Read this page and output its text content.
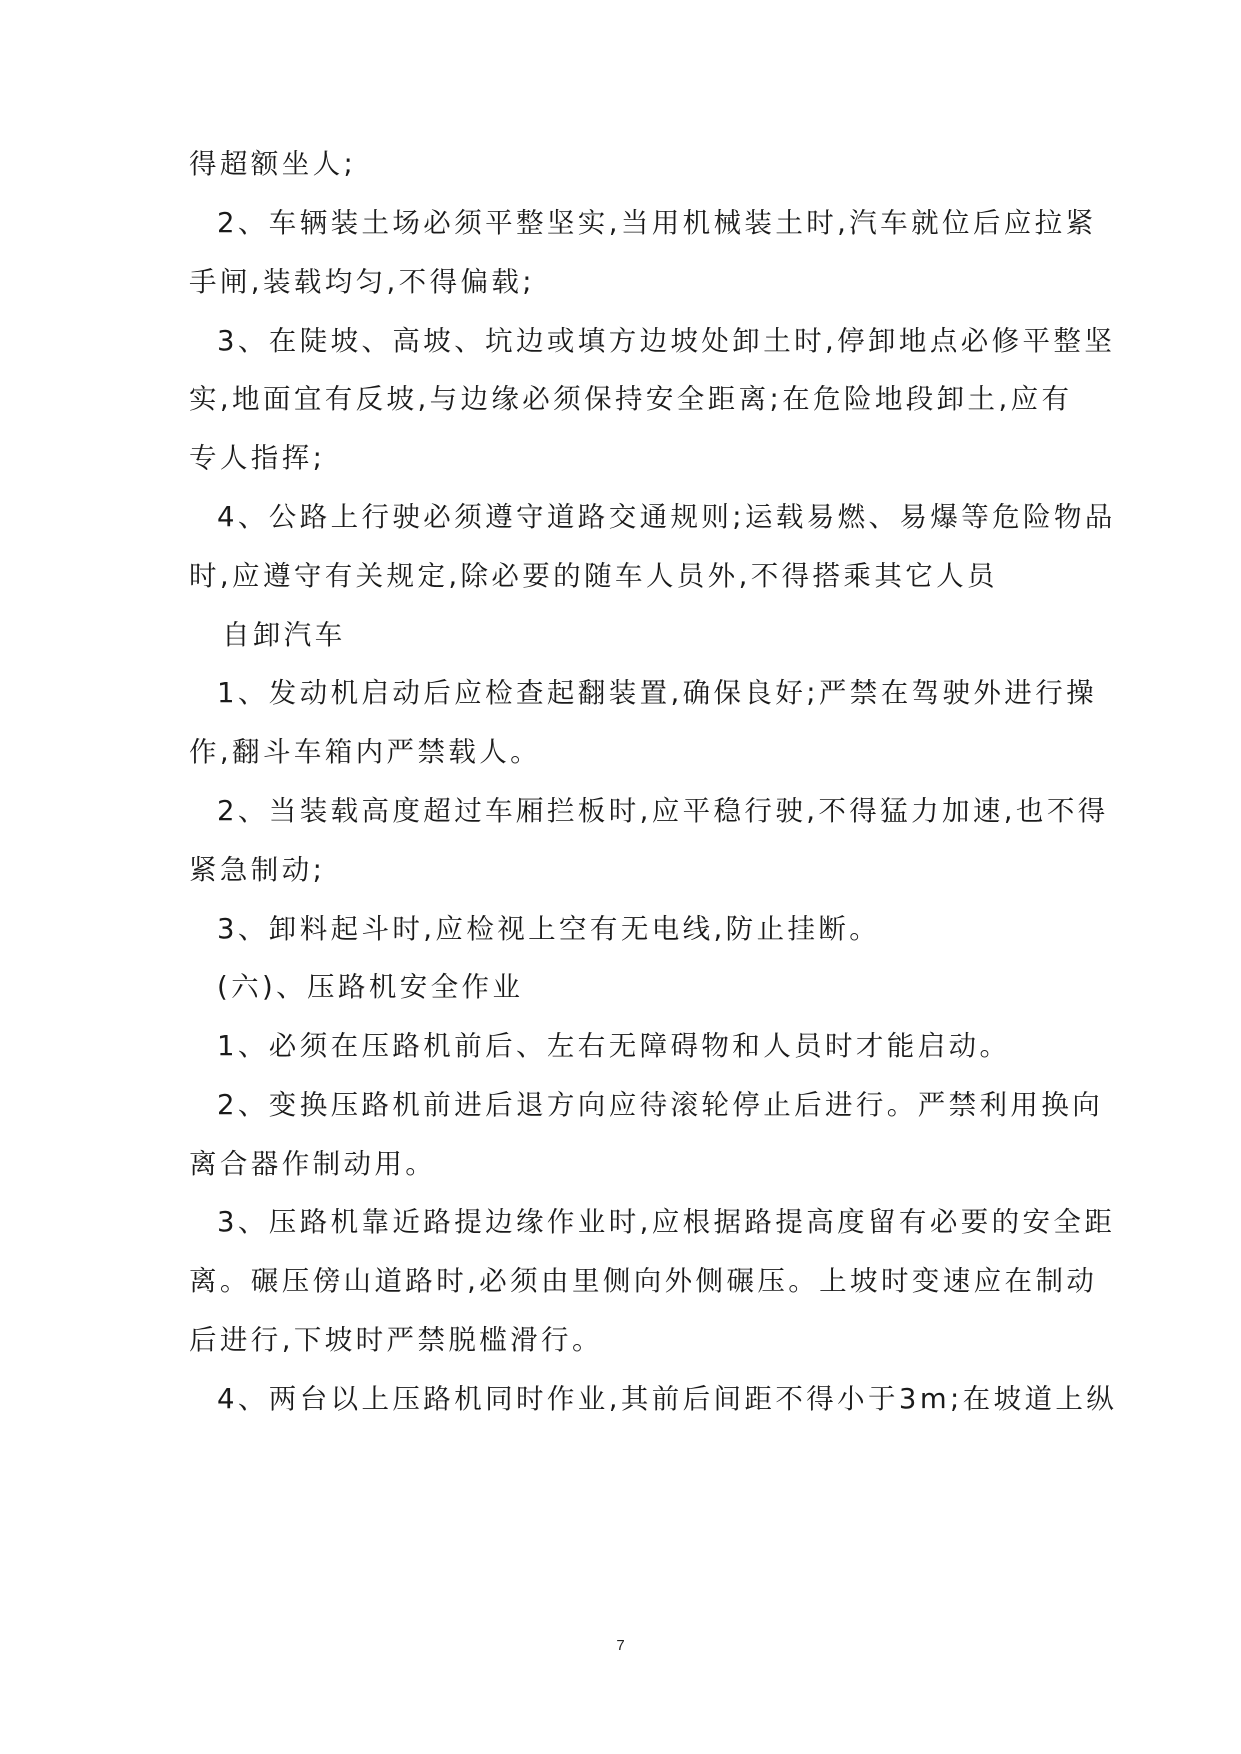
得超额坐人;
2、车辆装土场必须平整坚实,当用机械装土时,汽车就位后应拉紧
手闸,装载均匀,不得偏载;
3、在陡坡、高坡、坑边或填方边坡处卸土时,停卸地点必修平整坚
实,地面宜有反坡,与边缘必须保持安全距离;在危险地段卸土,应有
专人指挥;
4、公路上行驶必须遵守道路交通规则;运载易燃、易爆等危险物品
时,应遵守有关规定,除必要的随车人员外,不得搭乘其它人员
自卸汽车
1、发动机启动后应检查起翻装置,确保良好;严禁在驾驶外进行操
作,翻斗车箱内严禁载人。
2、当装载高度超过车厢拦板时,应平稳行驶,不得猛力加速,也不得
紧急制动;
3、卸料起斗时,应检视上空有无电线,防止挂断。
(六)、压路机安全作业
1、必须在压路机前后、左右无障碍物和人员时才能启动。
2、变换压路机前进后退方向应待滚轮停止后进行。严禁利用换向
离合器作制动用。
3、压路机靠近路提边缘作业时,应根据路提高度留有必要的安全距
离。碾压傍山道路时,必须由里侧向外侧碾压。上坡时变速应在制动
后进行,下坡时严禁脱槛滑行。
4、两台以上压路机同时作业,其前后间距不得小于3m;在坡道上纵
7
